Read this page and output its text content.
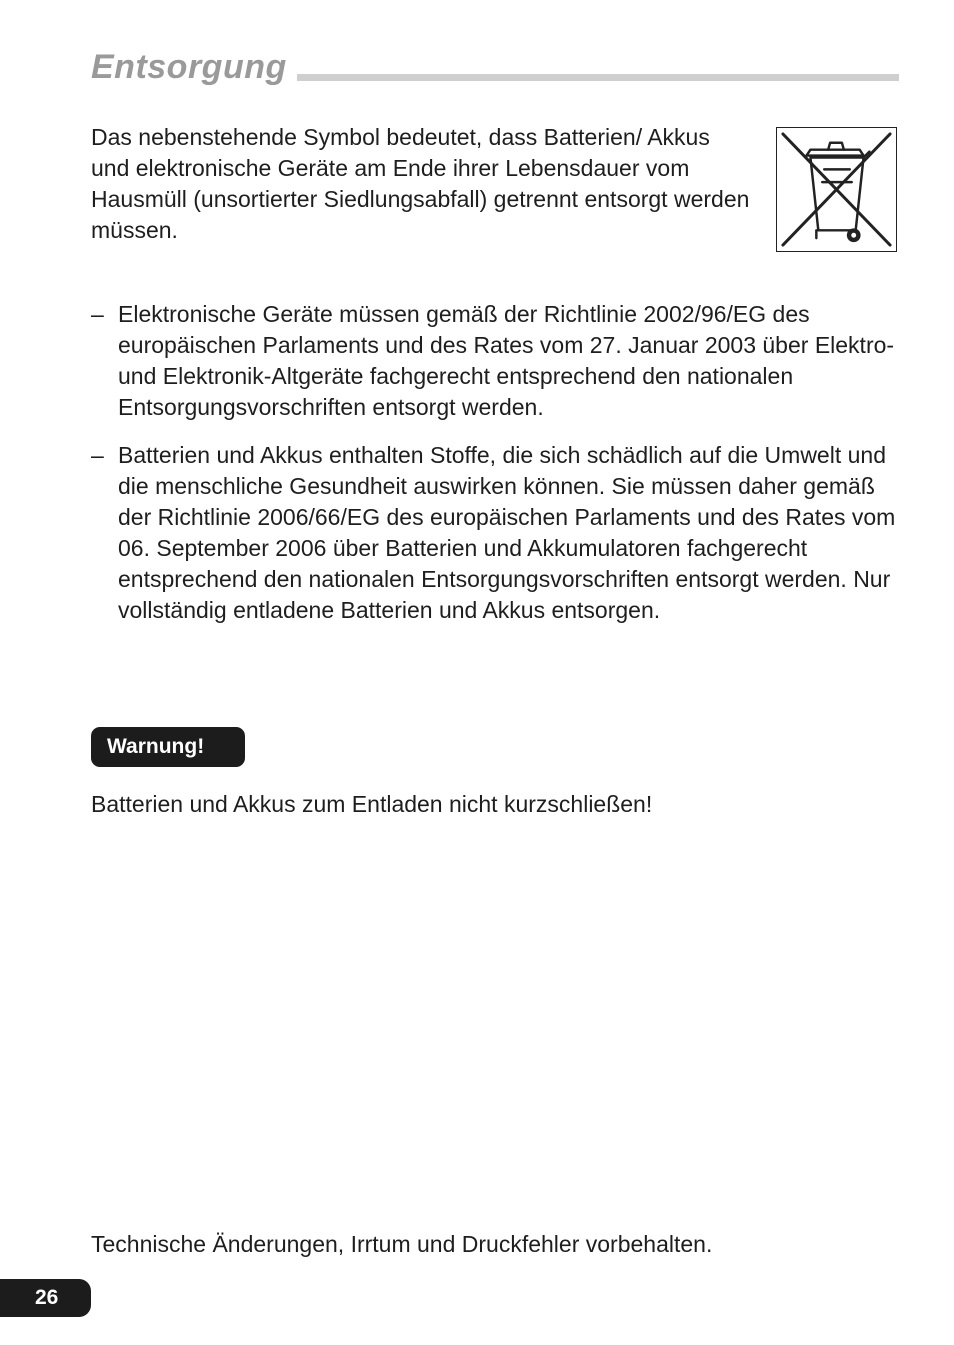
Entsorgung

Das nebenstehende Symbol bedeutet, dass Batterien/ Akkus und elektronische Geräte am Ende ihrer Lebensdauer vom Hausmüll (unsortierter Siedlungsabfall) getrennt entsorgt werden müssen.

– Elektronische Geräte müssen gemäß der Richtlinie 2002/96/EG des europäischen Parlaments und des Rates vom 27. Januar 2003 über Elektro- und Elektronik-Altgeräte fachgerecht entsprechend den nationalen Entsorgungsvorschriften entsorgt werden.
– Batterien und Akkus enthalten Stoffe, die sich schädlich auf die Umwelt und die menschliche Gesundheit auswirken können. Sie müssen daher gemäß der Richtlinie 2006/66/EG des europäischen Parlaments und des Rates vom 06. September 2006 über Batterien und Akkumulatoren fachgerecht entsprechend den nationalen Entsorgungsvorschriften entsorgt werden. Nur vollständig entladene Batterien und Akkus entsorgen.
Warnung!

Batterien und Akkus zum Entladen nicht kurzschließen!

Technische Änderungen, Irrtum und Druckfehler vorbehalten.

26
